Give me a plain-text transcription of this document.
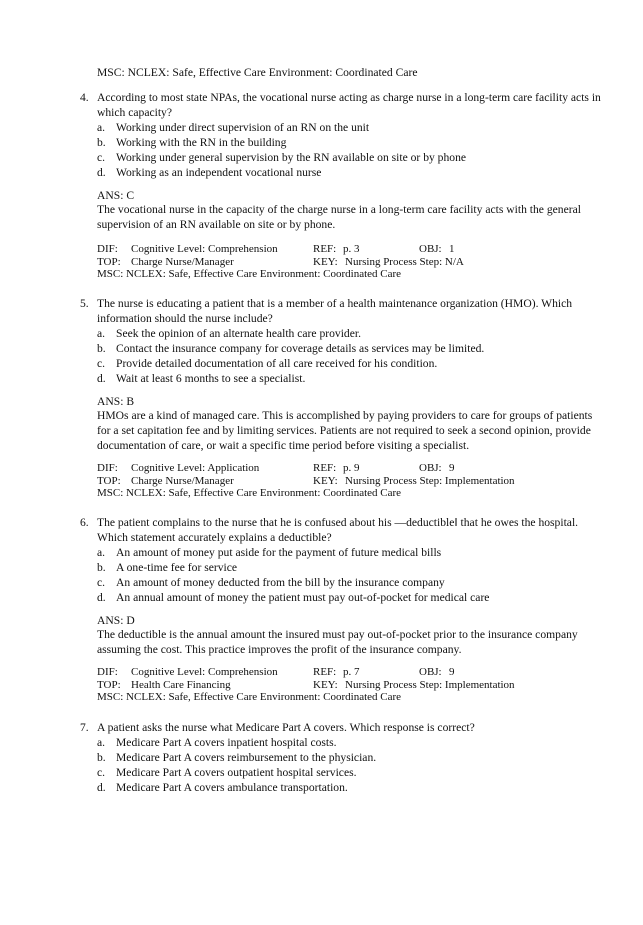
MSC: NCLEX: Safe, Effective Care Environment: Coordinated Care
4. According to most state NPAs, the vocational nurse acting as charge nurse in a long-term care facility acts in which capacity?
a. Working under direct supervision of an RN on the unit
b. Working with the RN in the building
c. Working under general supervision by the RN available on site or by phone
d. Working as an independent vocational nurse
ANS: C
The vocational nurse in the capacity of the charge nurse in a long-term care facility acts with the general supervision of an RN available on site or by phone.
DIF: Cognitive Level: Comprehension	REF: p. 3	OBJ: 1
TOP: Charge Nurse/Manager	KEY: Nursing Process Step: N/A
MSC: NCLEX: Safe, Effective Care Environment: Coordinated Care
5. The nurse is educating a patient that is a member of a health maintenance organization (HMO). Which information should the nurse include?
a. Seek the opinion of an alternate health care provider.
b. Contact the insurance company for coverage details as services may be limited.
c. Provide detailed documentation of all care received for his condition.
d. Wait at least 6 months to see a specialist.
ANS: B
HMOs are a kind of managed care. This is accomplished by paying providers to care for groups of patients for a set capitation fee and by limiting services. Patients are not required to seek a second opinion, provide documentation of care, or wait a specific time period before visiting a specialist.
DIF: Cognitive Level: Application	REF: p. 9	OBJ: 9
TOP: Charge Nurse/Manager	KEY: Nursing Process Step: Implementation
MSC: NCLEX: Safe, Effective Care Environment: Coordinated Care
6. The patient complains to the nurse that he is confused about his —deductible‖ that he owes the hospital. Which statement accurately explains a deductible?
a. An amount of money put aside for the payment of future medical bills
b. A one-time fee for service
c. An amount of money deducted from the bill by the insurance company
d. An annual amount of money the patient must pay out-of-pocket for medical care
ANS: D
The deductible is the annual amount the insured must pay out-of-pocket prior to the insurance company assuming the cost. This practice improves the profit of the insurance company.
DIF: Cognitive Level: Comprehension	REF: p. 7	OBJ: 9
TOP: Health Care Financing	KEY: Nursing Process Step: Implementation
MSC: NCLEX: Safe, Effective Care Environment: Coordinated Care
7. A patient asks the nurse what Medicare Part A covers. Which response is correct?
a. Medicare Part A covers inpatient hospital costs.
b. Medicare Part A covers reimbursement to the physician.
c. Medicare Part A covers outpatient hospital services.
d. Medicare Part A covers ambulance transportation.
